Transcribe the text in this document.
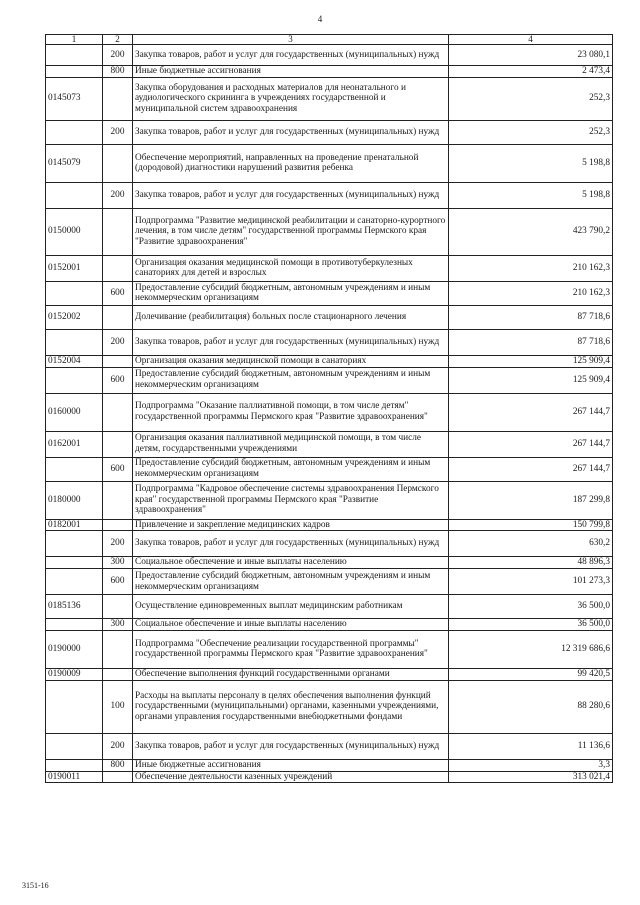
4
1	2	3	4
	200	Закупка товаров, работ и услуг для государственных (муниципальных) нужд	23 080,1
	800	Иные бюджетные ассигнования	2 473,4
0145073		Закупка оборудования и расходных материалов для неонатального и аудиологического скрининга в учреждениях государственной и муниципальной систем здравоохранения	252,3
	200	Закупка товаров, работ и услуг для государственных (муниципальных) нужд	252,3
0145079		Обеспечение мероприятий, направленных на проведение пренатальной (дородовой) диагностики нарушений развития ребенка	5 198,8
	200	Закупка товаров, работ и услуг для государственных (муниципальных) нужд	5 198,8
0150000		Подпрограмма "Развитие медицинской реабилитации и санаторно-курортного лечения, в том числе детям" государственной программы Пермского края "Развитие здравоохранения"	423 790,2
0152001		Организация оказания медицинской помощи в противотуберкулезных санаториях для детей и взрослых	210 162,3
	600	Предоставление субсидий бюджетным, автономным учреждениям и иным некоммерческим организациям	210 162,3
0152002		Долечивание (реабилитация) больных после стационарного лечения	87 718,6
	200	Закупка товаров, работ и услуг для государственных (муниципальных) нужд	87 718,6
0152004		Организация оказания медицинской помощи в санаториях	125 909,4
	600	Предоставление субсидий бюджетным, автономным учреждениям и иным некоммерческим организациям	125 909,4
0160000		Подпрограмма "Оказание паллиативной помощи, в том числе детям" государственной программы Пермского края "Развитие здравоохранения"	267 144,7
0162001		Организация оказания паллиативной медицинской помощи, в том числе детям, государственными учреждениями	267 144,7
	600	Предоставление субсидий бюджетным, автономным учреждениям и иным некоммерческим организациям	267 144,7
0180000		Подпрограмма "Кадровое обеспечение системы здравоохранения Пермского края" государственной программы Пермского края "Развитие здравоохранения"	187 299,8
0182001		Привлечение и закрепление медицинских кадров	150 799,8
	200	Закупка товаров, работ и услуг для государственных (муниципальных) нужд	630,2
	300	Социальное обеспечение и иные выплаты населению	48 896,3
	600	Предоставление субсидий бюджетным, автономным учреждениям и иным некоммерческим организациям	101 273,3
0185136		Осуществление единовременных выплат медицинским работникам	36 500,0
	300	Социальное обеспечение и иные выплаты населению	36 500,0
0190000		Подпрограмма "Обеспечение реализации государственной программы" государственной программы Пермского края "Развитие здравоохранения"	12 319 686,6
0190009		Обеспечение выполнения функций государственными органами	99 420,5
	100	Расходы на выплаты персоналу в целях обеспечения выполнения функций государственными (муниципальными) органами, казенными учреждениями, органами управления государственными внебюджетными фондами	88 280,6
	200	Закупка товаров, работ и услуг для государственных (муниципальных) нужд	11 136,6
	800	Иные бюджетные ассигнования	3,3
0190011		Обеспечение деятельности казенных учреждений	313 021,4
3151-16
